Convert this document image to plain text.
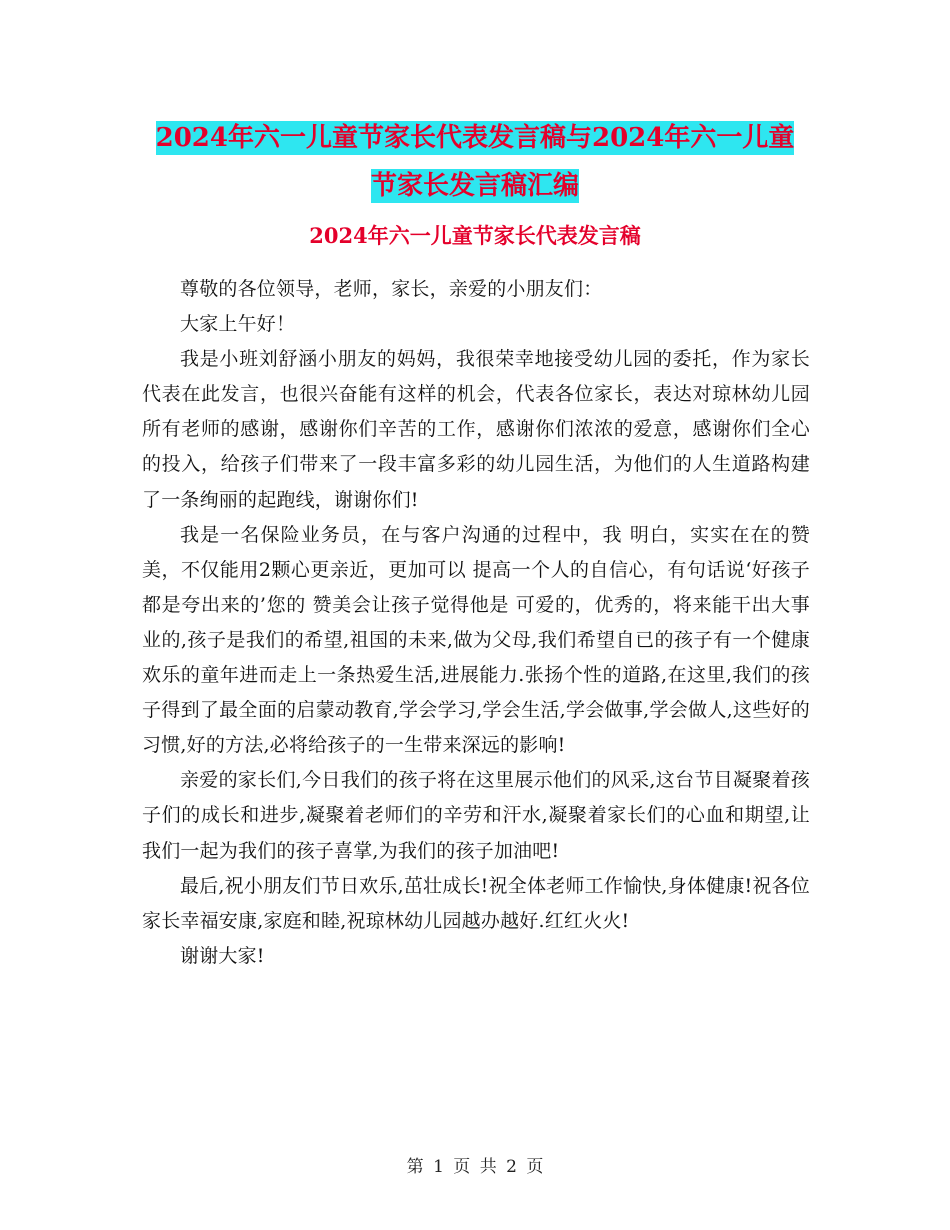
2024年六一儿童节家长代表发言稿与2024年六一儿童
节家长发言稿汇编
2024年六一儿童节家长代表发言稿

尊敬的各位领导，老师，家长，亲爱的小朋友们：

大家上午好！

我是小班刘舒涵小朋友的妈妈，我很荣幸地接受幼儿园的委托，作为家长代表在此发言，也很兴奋能有这样的机会，代表各位家长，表达对琼林幼儿园所有老师的感谢，感谢你们辛苦的工作，感谢你们浓浓的爱意，感谢你们全心的投入，给孩子们带来了一段丰富多彩的幼儿园生活，为他们的人生道路构建了一条绚丽的起跑线，谢谢你们!

我是一名保险业务员，在与客户沟通的过程中，我 明白，实实在在的赞美，不仅能用2颗心更亲近，更加可以 提高一个人的自信心，有句话说‘好孩子都是夸出来的’您的 赞美会让孩子觉得他是 可爱的，优秀的，将来能干出大事业的,孩子是我们的希望,祖国的未来,做为父母,我们希望自已的孩子有一个健康欢乐的童年进而走上一条热爱生活,进展能力.张扬个性的道路,在这里,我们的孩子得到了最全面的启蒙动教育,学会学习,学会生活,学会做事,学会做人,这些好的习惯,好的方法,必将给孩子的一生带来深远的影响!

亲爱的家长们,今日我们的孩子将在这里展示他们的风采,这台节目凝聚着孩子们的成长和进步,凝聚着老师们的辛劳和汗水,凝聚着家长们的心血和期望,让我们一起为我们的孩子喜掌,为我们的孩子加油吧!

最后,祝小朋友们节日欢乐,茁壮成长!祝全体老师工作愉快,身体健康!祝各位家长幸福安康,家庭和睦,祝琼林幼儿园越办越好.红红火火!

谢谢大家!

第 1 页 共 2 页
